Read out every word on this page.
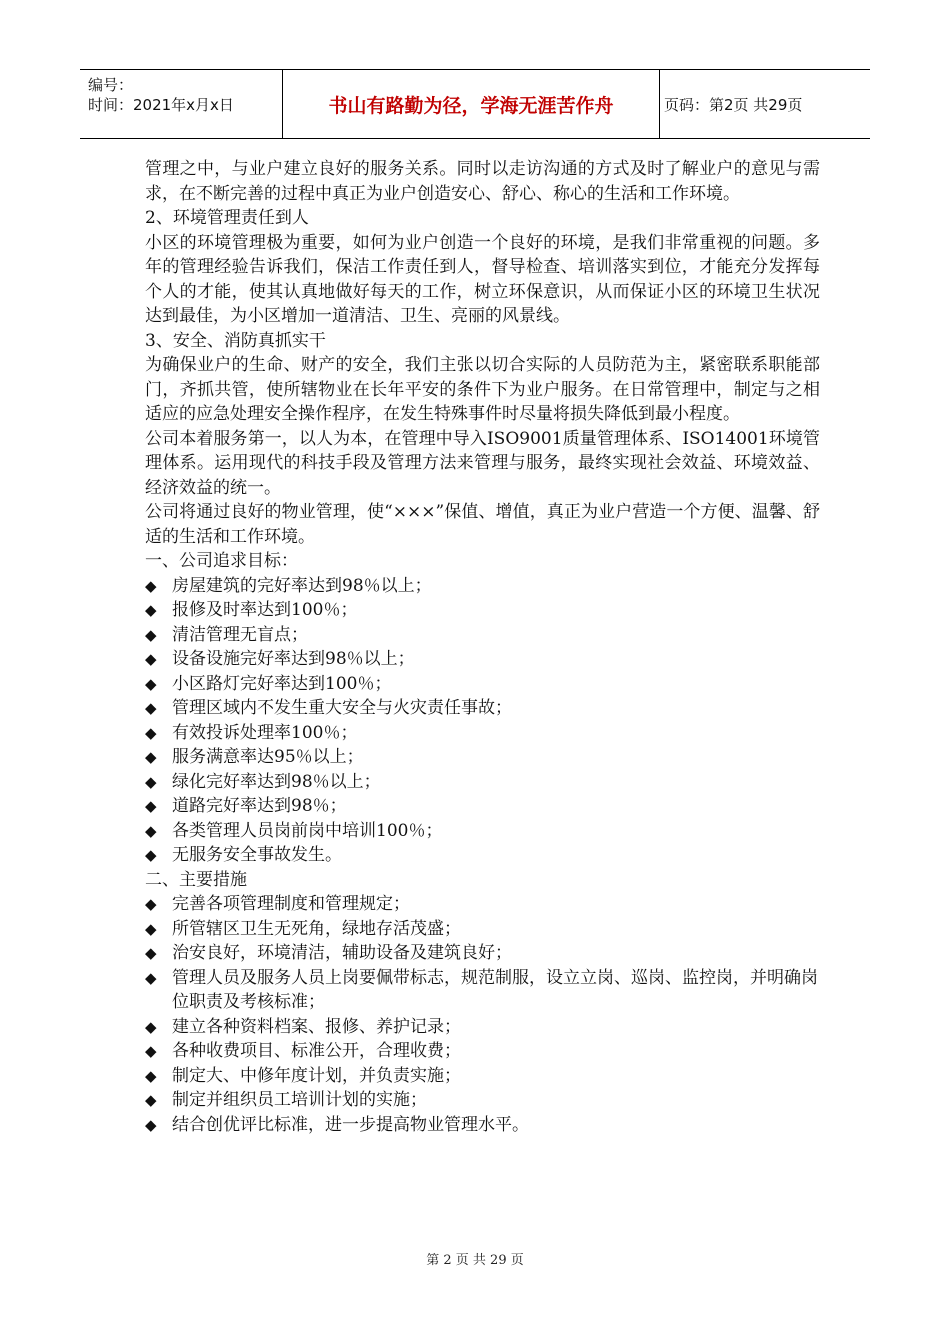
编号：
时间：2021年x月x日	书山有路勤为径，学海无涯苦作舟	页码：第2页 共29页

管理之中，与业户建立良好的服务关系。同时以走访沟通的方式及时了解业户的意见与需求，在不断完善的过程中真正为业户创造安心、舒心、称心的生活和工作环境。

2、环境管理责任到人

小区的环境管理极为重要，如何为业户创造一个良好的环境，是我们非常重视的问题。多年的管理经验告诉我们，保洁工作责任到人，督导检查、培训落实到位，才能充分发挥每个人的才能，使其认真地做好每天的工作，树立环保意识，从而保证小区的环境卫生状况达到最佳，为小区增加一道清洁、卫生、亮丽的风景线。

3、安全、消防真抓实干

为确保业户的生命、财产的安全，我们主张以切合实际的人员防范为主，紧密联系职能部门，齐抓共管，使所辖物业在长年平安的条件下为业户服务。在日常管理中，制定与之相适应的应急处理安全操作程序，在发生特殊事件时尽量将损失降低到最小程度。

公司本着服务第一，以人为本，在管理中导入ISO9001质量管理体系、ISO14001环境管理体系。运用现代的科技手段及管理方法来管理与服务，最终实现社会效益、环境效益、经济效益的统一。

公司将通过良好的物业管理，使“×××”保值、增值，真正为业户营造一个方便、温馨、舒适的生活和工作环境。

一、公司追求目标：

◆ 房屋建筑的完好率达到98％以上；
◆ 报修及时率达到100％；
◆ 清洁管理无盲点；
◆ 设备设施完好率达到98％以上；
◆ 小区路灯完好率达到100％；
◆ 管理区域内不发生重大安全与火灾责任事故；
◆ 有效投诉处理率100％；
◆ 服务满意率达95％以上；
◆ 绿化完好率达到98％以上；
◆ 道路完好率达到98％；
◆ 各类管理人员岗前岗中培训100％；
◆ 无服务安全事故发生。

二、主要措施

◆ 完善各项管理制度和管理规定；
◆ 所管辖区卫生无死角，绿地存活茂盛；
◆ 治安良好，环境清洁，辅助设备及建筑良好；
◆ 管理人员及服务人员上岗要佩带标志，规范制服，设立立岗、巡岗、监控岗，并明确岗位职责及考核标准；
◆ 建立各种资料档案、报修、养护记录；
◆ 各种收费项目、标准公开，合理收费；
◆ 制定大、中修年度计划，并负责实施；
◆ 制定并组织员工培训计划的实施；
◆ 结合创优评比标准，进一步提高物业管理水平。
第 2 页 共 29 页
